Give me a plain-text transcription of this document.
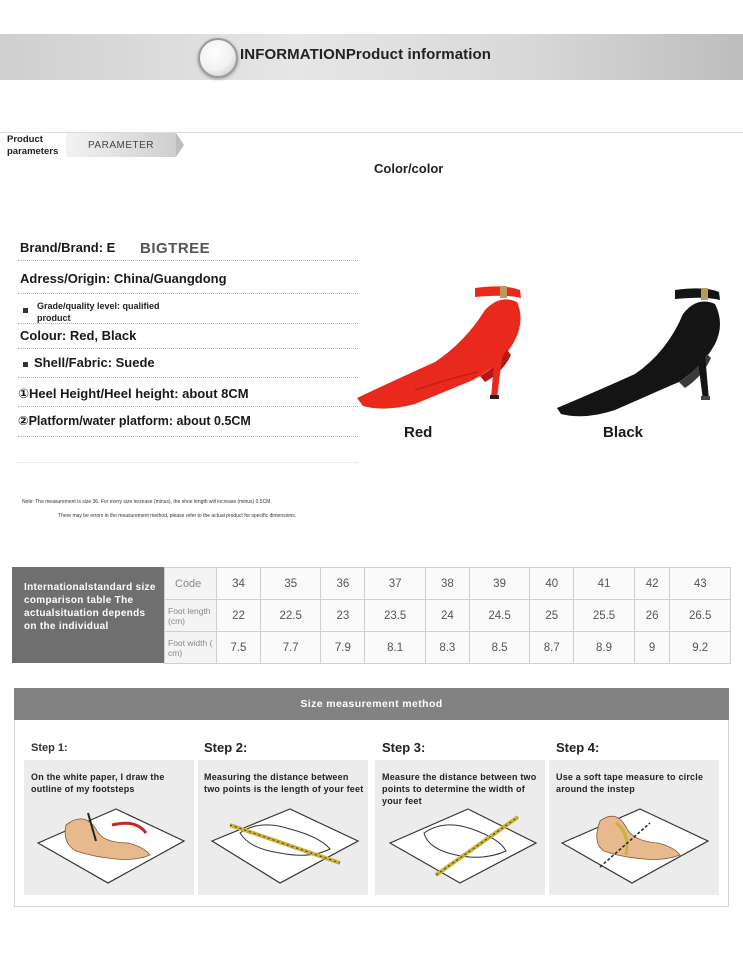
INFORMATIONProduct information
Product
parameters
PARAMETER
Color/color
Brand/Brand: E BIGTREE
Adress/Origin: China/Guangdong
Grade/quality level: qualified
product
Colour: Red, Black
Shell/Fabric: Suede
①Heel Height/Heel height: about 8CM
②Platform/water platform: about 0.5CM
Red	Black
Note: The measurement is size 36. For every size increase (minus), the shoe length will increase (minus) 0.5CM.
There may be errors in the measurement method, please refer to the actual product for specific dimensions.
Internationalstandard size comparison table The actualsituation depends on the individual
Code	34	35	36	37	38	39	40	41	42	43
Foot length (cm)	22	22.5	23	23.5	24	24.5	25	25.5	26	26.5
Foot width ( cm)	7.5	7.7	7.9	8.1	8.3	8.5	8.7	8.9	9	9.2
Size measurement method
Step 1:	Step 2:	Step 3:	Step 4:
On the white paper, I draw the outline of my footsteps
Measuring the distance between two points is the length of your feet
Measure the distance between two points to determine the width of your feet
Use a soft tape measure to circle around the instep
